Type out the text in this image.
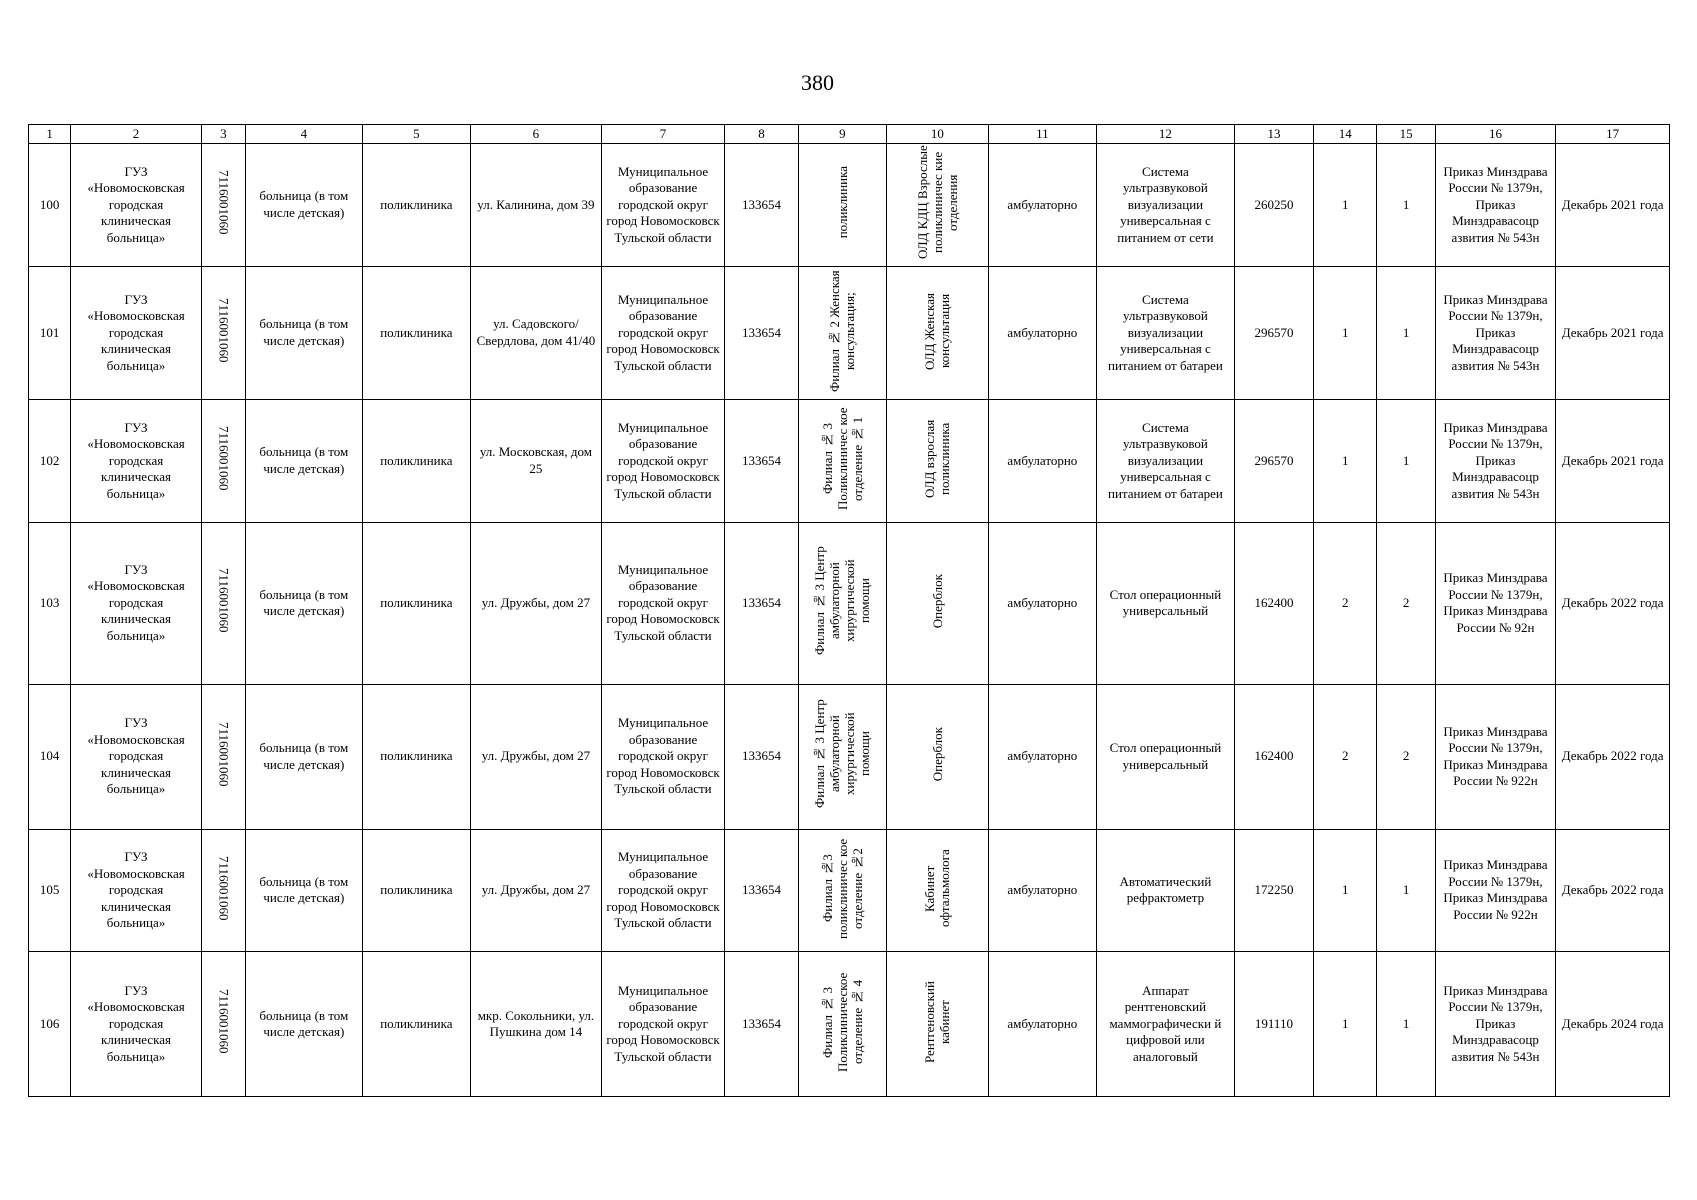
380
1	2	3	4	5	6	7	8	9	10	11	12	13	14	15	16	17
100	ГУЗ «Новомосковская городская клиническая больница»	7116001060	больница (в том числе детская)	поликлиника	ул. Калинина, дом 39	Муниципальное образование городской округ город Новомосковск Тульской области	133654	поликлиника	ОЛД КДЦ Взрослые поликлиничес кие отделения	амбулаторно	Система ультразвуковой визуализации универсальная с питанием от сети	260250	1	1	Приказ Минздрава России № 1379н, Приказ Минздравасоцр азвития № 543н	Декабрь 2021 года
101	ГУЗ «Новомосковская городская клиническая больница»	7116001060	больница (в том числе детская)	поликлиника	ул. Садовского/Свердлова, дом 41/40	Муниципальное образование городской округ город Новомосковск Тульской области	133654	Филиал № 2 Женская консультация;	ОЛД Женская консультация	амбулаторно	Система ультразвуковой визуализации универсальная с питанием от батареи	296570	1	1	Приказ Минздрава России № 1379н, Приказ Минздравасоцр азвития № 543н	Декабрь 2021 года
102	ГУЗ «Новомосковская городская клиническая больница»	7116001060	больница (в том числе детская)	поликлиника	ул. Московская, дом 25	Муниципальное образование городской округ город Новомосковск Тульской области	133654	Филиал № 3 Поликлиничес кое отделение № 1	ОЛД взрослая поликлиника	амбулаторно	Система ультразвуковой визуализации универсальная с питанием от батареи	296570	1	1	Приказ Минздрава России № 1379н, Приказ Минздравасоцр азвития № 543н	Декабрь 2021 года
103	ГУЗ «Новомосковская городская клиническая больница»	7116001060	больница (в том числе детская)	поликлиника	ул. Дружбы, дом 27	Муниципальное образование городской округ город Новомосковск Тульской области	133654	Филиал № 3 Центр амбулаторной хирургической помощи	Оперблок	амбулаторно	Стол операционный универсальный	162400	2	2	Приказ Минздрава России № 1379н, Приказ Минздрава России № 92н	Декабрь 2022 года
104	ГУЗ «Новомосковская городская клиническая больница»	7116001060	больница (в том числе детская)	поликлиника	ул. Дружбы, дом 27	Муниципальное образование городской округ город Новомосковск Тульской области	133654	Филиал № 3 Центр амбулаторной хирургической помощи	Оперблок	амбулаторно	Стол операционный универсальный	162400	2	2	Приказ Минздрава России № 1379н, Приказ Минздрава России № 922н	Декабрь 2022 года
105	ГУЗ «Новомосковская городская клиническая больница»	7116001060	больница (в том числе детская)	поликлиника	ул. Дружбы, дом 27	Муниципальное образование городской округ город Новомосковск Тульской области	133654	Филиал №3 поликлиничес кое отделение №2	Кабинет офтальмолога	амбулаторно	Автоматический рефрактометр	172250	1	1	Приказ Минздрава России № 1379н, Приказ Минздрава России № 922н	Декабрь 2022 года
106	ГУЗ «Новомосковская городская клиническая больница»	7116001060	больница (в том числе детская)	поликлиника	мкр. Сокольники, ул. Пушкина дом 14	Муниципальное образование городской округ город Новомосковск Тульской области	133654	Филиал № 3 Поликлиническое отделение № 4	Рентгеновский кабинет	амбулаторно	Аппарат рентгеновский маммографически й цифровой или аналоговый	191110	1	1	Приказ Минздрава России № 1379н, Приказ Минздравасоцр азвития № 543н	Декабрь 2024 года
